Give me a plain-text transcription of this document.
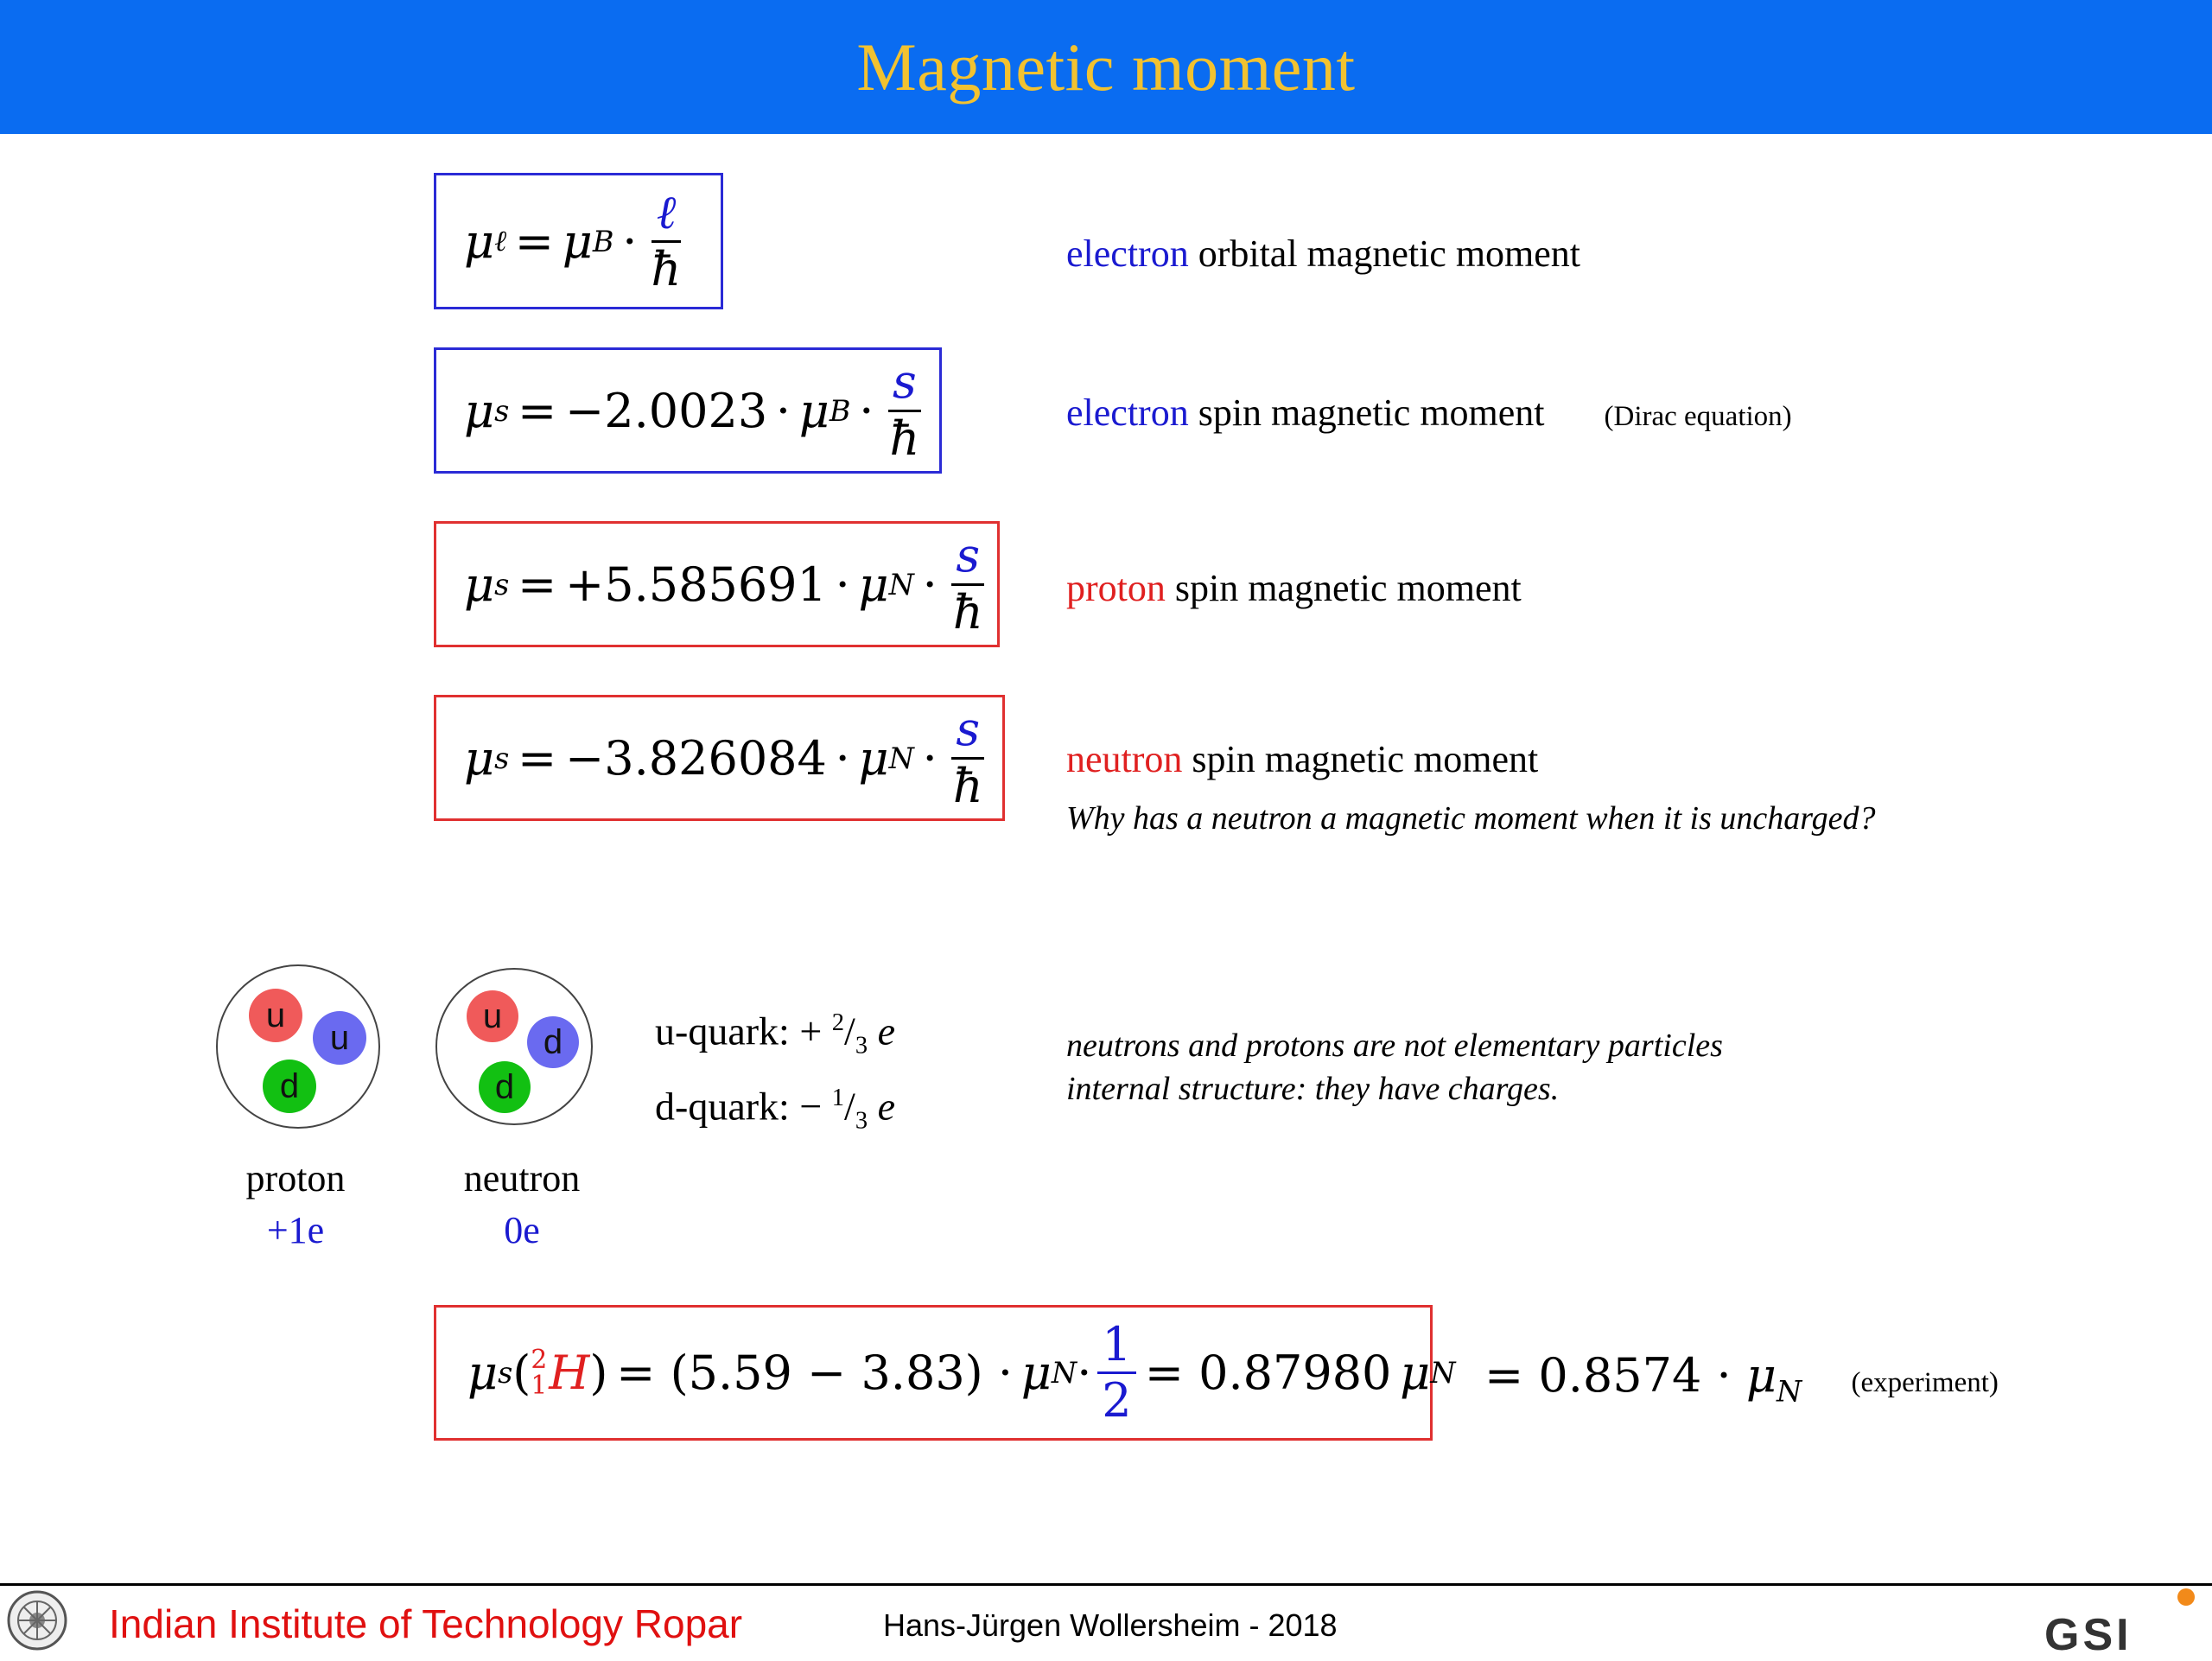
Magnetic moment
μ ℓ = μ $B \cdot \frac{\text{ℓ}}{ħ}$	electron orbital magnetic moment
μ s = −2.0023 · μ $B \cdot \frac{s}{ħ}$	electron spin magnetic moment (Dirac equation)
μ s = +5.585691 · μ $N \cdot \frac{s}{ħ}$ proton spin magnetic moment
μ s = −3.826084 · μ $N \cdot \frac{s}{ħ}$ neutron spin magnetic moment
Why has a neutron a magnetic moment when it is uncharged?
u
u
d
proton
+1e
u
d
d
neutron
0e
u-quark: + $^2/_3$ e
d-quark: − $^1/_3$ e
neutrons and protons are not elementary particles
internal structure: they have charges.
μ s ( 2
1 H ) = (5.59 − 3.83) · μ $N \cdot \frac{1}{2} = 0.87980$ μ $N = 0.8574 \cdot \mu_N$ (experiment)
Indian Institute of Technology Ropar	Hans-Jürgen Wollersheim - 2018	GSI
